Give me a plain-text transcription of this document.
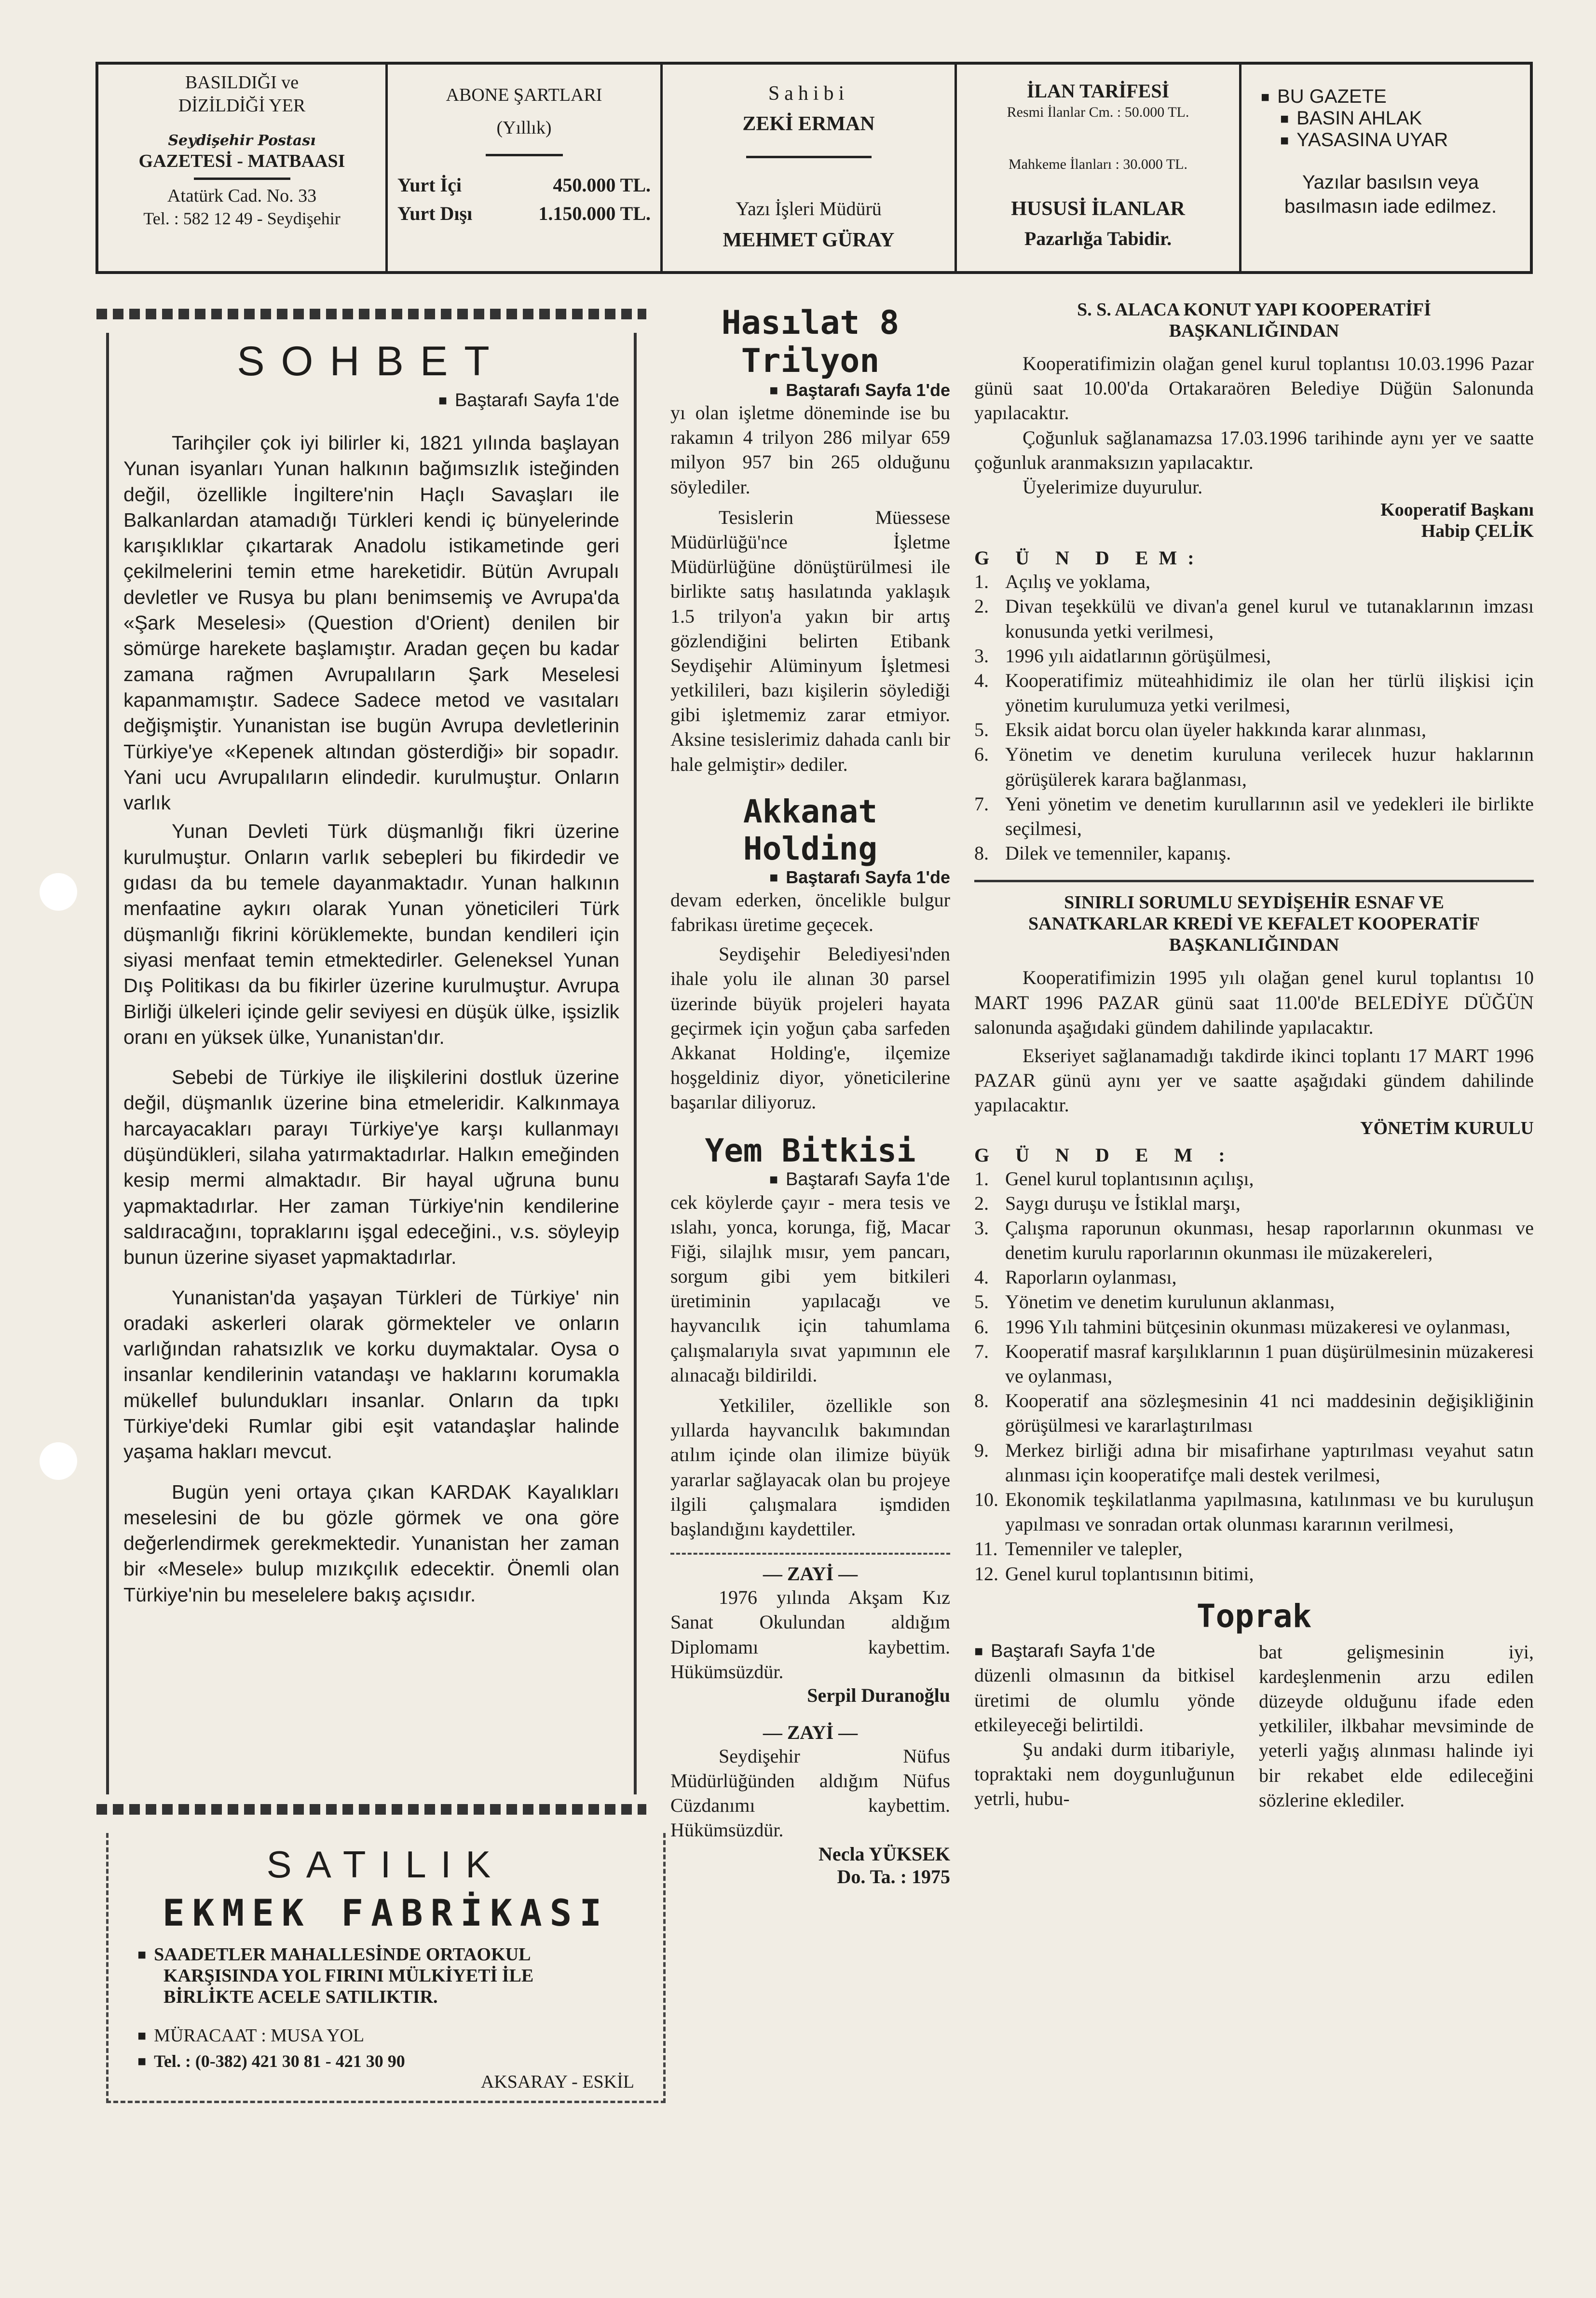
BASILDIĞI ve
DİZİLDİĞİ YER
Seydişehir Postası
GAZETESİ - MATBAASI
Atatürk Cad. No. 33
Tel. : 582 12 49 - Seydişehir
ABONE ŞARTLARI
(Yıllık)
Yurt İçi	450.000 TL.
Yurt Dışı	1.150.000 TL.
Sahibi
ZEKİ ERMAN
Yazı İşleri Müdürü
MEHMET GÜRAY
İLAN TARİFESİ
Resmi İlanlar Cm. : 50.000 TL.
Mahkeme İlanları : 30.000 TL.
HUSUSİ İLANLAR
Pazarlığa Tabidir.
■ BU GAZETE
■ BASIN AHLAK
■ YASASINA UYAR
Yazılar basılsın veya
basılmasın iade edilmez.
SOHBET
■ Baştarafı Sayfa 1'de

Tarihçiler çok iyi bilirler ki, 1821 yılında başlayan Yunan isyanları Yunan halkının bağımsızlık isteğinden değil, özellikle İngiltere'nin Haçlı Savaşları ile Balkanlardan atamadığı Türkleri kendi iç bünyelerinde karışıklıklar çıkartarak Anadolu istikametinde geri çekilmelerini temin etme hareketidir. Bütün Avrupalı devletler ve Rusya bu planı benimsemiş ve Avrupa'da «Şark Meselesi» (Question d'Orient) denilen bir sömürge harekete başlamıştır. Aradan geçen bu kadar zamana rağmen Avrupalıların Şark Meselesi kapanmamıştır. Sadece Sadece metod ve vasıtaları değişmiştir. Yunanistan ise bugün Avrupa devletlerinin Türkiye'ye «Kepenek altından gösterdiği» bir sopadır. Yani ucu Avrupalıların elindedir. kurulmuştur. Onların varlık

Yunan Devleti Türk düşmanlığı fikri üzerine kurulmuştur. Onların varlık sebepleri bu fikirdedir ve gıdası da bu temele dayanmaktadır. Yunan halkının menfaatine aykırı olarak Yunan yöneticileri Türk düşmanlığı fikrini körüklemekte, bundan kendileri için siyasi menfaat temin etmektedirler. Geleneksel Yunan Dış Politikası da bu fikirler üzerine kurulmuştur. Avrupa Birliği ülkeleri içinde gelir seviyesi en düşük ülke, işsizlik oranı en yüksek ülke, Yunanistan'dır.

Sebebi de Türkiye ile ilişkilerini dostluk üzerine değil, düşmanlık üzerine bina etmeleridir. Kalkınmaya harcayacakları parayı Türkiye'ye karşı kullanmayı düşündükleri, silaha yatırmaktadırlar. Halkın emeğinden kesip mermi almaktadır. Bir hayal uğruna bunu yapmaktadırlar. Her zaman Türkiye'nin kendilerine saldıracağını, topraklarını işgal edeceğini., v.s. söyleyip bunun üzerine siyaset yapmaktadırlar.

Yunanistan'da yaşayan Türkleri de Türkiye' nin oradaki askerleri olarak görmekteler ve onların varlığından rahatsızlık ve korku duymaktalar. Oysa o insanlar kendilerinin vatandaşı ve haklarını korumakla mükellef bulundukları insanlar. Onların da tıpkı Türkiye'deki Rumlar gibi eşit vatandaşlar halinde yaşama hakları mevcut.

Bugün yeni ortaya çıkan KARDAK Kayalıkları meselesini de bu gözle görmek ve ona göre değerlendirmek gerekmektedir. Yunanistan her zaman bir «Mesele» bulup mızıkçılık edecektir. Önemli olan Türkiye'nin bu meselelere bakış açısıdır.

SATILIK
EKMEK FABRİKASI
■ SAADETLER MAHALLESİNDE ORTAOKUL
KARŞISINDA YOL FIRINI MÜLKİYETİ İLE
BİRLİKTE ACELE SATILIKTIR.
■ MÜRACAAT : MUSA YOL
■ Tel. : (0-382) 421 30 81 - 421 30 90
AKSARAY - ESKİL
Hasılat 8 Trilyon
■ Baştarafı Sayfa 1'de

yı olan işletme döneminde ise bu rakamın 4 trilyon 286 milyar 659 milyon 957 bin 265 olduğunu söylediler.

Tesislerin Müessese Müdürlüğü'nce İşletme Müdürlüğüne dönüştürülmesi ile birlikte satış hasılatında yaklaşık 1.5 trilyon'a yakın bir artış gözlendiğini belirten Etibank Seydişehir Alüminyum İşletmesi yetkilileri, bazı kişilerin söylediği gibi işletmemiz zarar etmiyor. Aksine tesislerimiz dahada canlı bir hale gelmiştir» dediler.

Akkanat Holding
■ Baştarafı Sayfa 1'de

devam ederken, öncelikle bulgur fabrikası üretime geçecek.

Seydişehir Belediyesi'nden ihale yolu ile alınan 30 parsel üzerinde büyük projeleri hayata geçirmek için yoğun çaba sarfeden Akkanat Holding'e, ilçemize hoşgeldiniz diyor, yöneticilerine başarılar diliyoruz.

Yem Bitkisi
■ Baştarafı Sayfa 1'de

cek köylerde çayır - mera tesis ve ıslahı, yonca, korunga, fiğ, Macar Fiği, silajlık mısır, yem pancarı, sorgum gibi yem bitkileri üretiminin yapılacağı ve hayvancılık için tahumlama çalışmalarıyla sıvat yapımının ele alınacağı bildirildi.

Yetkililer, özellikle son yıllarda hayvancılık bakımından atılım içinde olan ilimize büyük yararlar sağlayacak olan bu projeye ilgili çalışmalara işmdiden başlandığını kaydettiler.

— ZAYİ —

1976 yılında Akşam Kız Sanat Okulundan aldığım Diplomamı kaybettim. Hükümsüzdür.

Serpil Duranoğlu
— ZAYİ —

Seydişehir Nüfus Müdürlüğünden aldığım Nüfus Cüzdanımı kaybettim. Hükümsüzdür.

Necla YÜKSEK
Do. Ta. : 1975
S. S. ALACA KONUT YAPI KOOPERATİFİ
BAŞKANLIĞINDAN

Kooperatifimizin olağan genel kurul toplantısı 10.03.1996 Pazar günü saat 10.00'da Ortakaraören Belediye Düğün Salonunda yapılacaktır.

Çoğunluk sağlanamazsa 17.03.1996 tarihinde aynı yer ve saatte çoğunluk aranmaksızın yapılacaktır.

Üyelerimize duyurulur.

Kooperatif Başkanı
Habip ÇELİK
G Ü N D EM:
1. Açılış ve yoklama,
2. Divan teşekkülü ve divan'a genel kurul ve tutanaklarının imzası konusunda yetki verilmesi,
3. 1996 yılı aidatlarının görüşülmesi,
4. Kooperatifimiz müteahhidimiz ile olan her türlü ilişkisi için yönetim kurulumuza yetki verilmesi,
5. Eksik aidat borcu olan üyeler hakkında karar alınması,
6. Yönetim ve denetim kuruluna verilecek huzur haklarının görüşülerek karara bağlanması,
7. Yeni yönetim ve denetim kurullarının asil ve yedekleri ile birlikte seçilmesi,
8. Dilek ve temenniler, kapanış.
SINIRLI SORUMLU SEYDİŞEHİR ESNAF VE
SANATKARLAR KREDİ VE KEFALET KOOPERATİF
BAŞKANLIĞINDAN

Kooperatifimizin 1995 yılı olağan genel kurul toplantısı 10 MART 1996 PAZAR günü saat 11.00'de BELEDİYE DÜĞÜN salonunda aşağıdaki gündem dahilinde yapılacaktır.

Ekseriyet sağlanamadığı takdirde ikinci toplantı 17 MART 1996 PAZAR günü aynı yer ve saatte aşağıdaki gündem dahilinde yapılacaktır.

YÖNETİM KURULU
G Ü N D E M :
1. Genel kurul toplantısının açılışı,
2. Saygı duruşu ve İstiklal marşı,
3. Çalışma raporunun okunması, hesap raporlarının okunması ve denetim kurulu raporlarının okunması ile müzakereleri,
4. Raporların oylanması,
5. Yönetim ve denetim kurulunun aklanması,
6. 1996 Yılı tahmini bütçesinin okunması müzakeresi ve oylanması,
7. Kooperatif masraf karşılıklarının 1 puan düşürülmesinin müzakeresi ve oylanması,
8. Kooperatif ana sözleşmesinin 41 nci maddesinin değişikliğinin görüşülmesi ve kararlaştırılması
9. Merkez birliği adına bir misafirhane yaptırılması veyahut satın alınması için kooperatifçe mali destek verilmesi,
10. Ekonomik teşkilatlanma yapılmasına, katılınması ve bu kuruluşun yapılması ve sonradan ortak olunması kararının verilmesi,
11. Temenniler ve talepler,
12. Genel kurul toplantısının bitimi,
Toprak

■ Baştarafı Sayfa 1'de

düzenli olmasının da bitkisel üretimi de olumlu yönde etkileyeceği belirtildi.

Şu andaki durm itibariyle, topraktaki nem doygunluğunun yetrli, hubu-

bat gelişmesinin iyi, kardeşlenmenin arzu edilen düzeyde olduğunu ifade eden yetkililer, ilkbahar mevsiminde de yeterli yağış alınması halinde iyi bir rekabet elde edileceğini sözlerine eklediler.
